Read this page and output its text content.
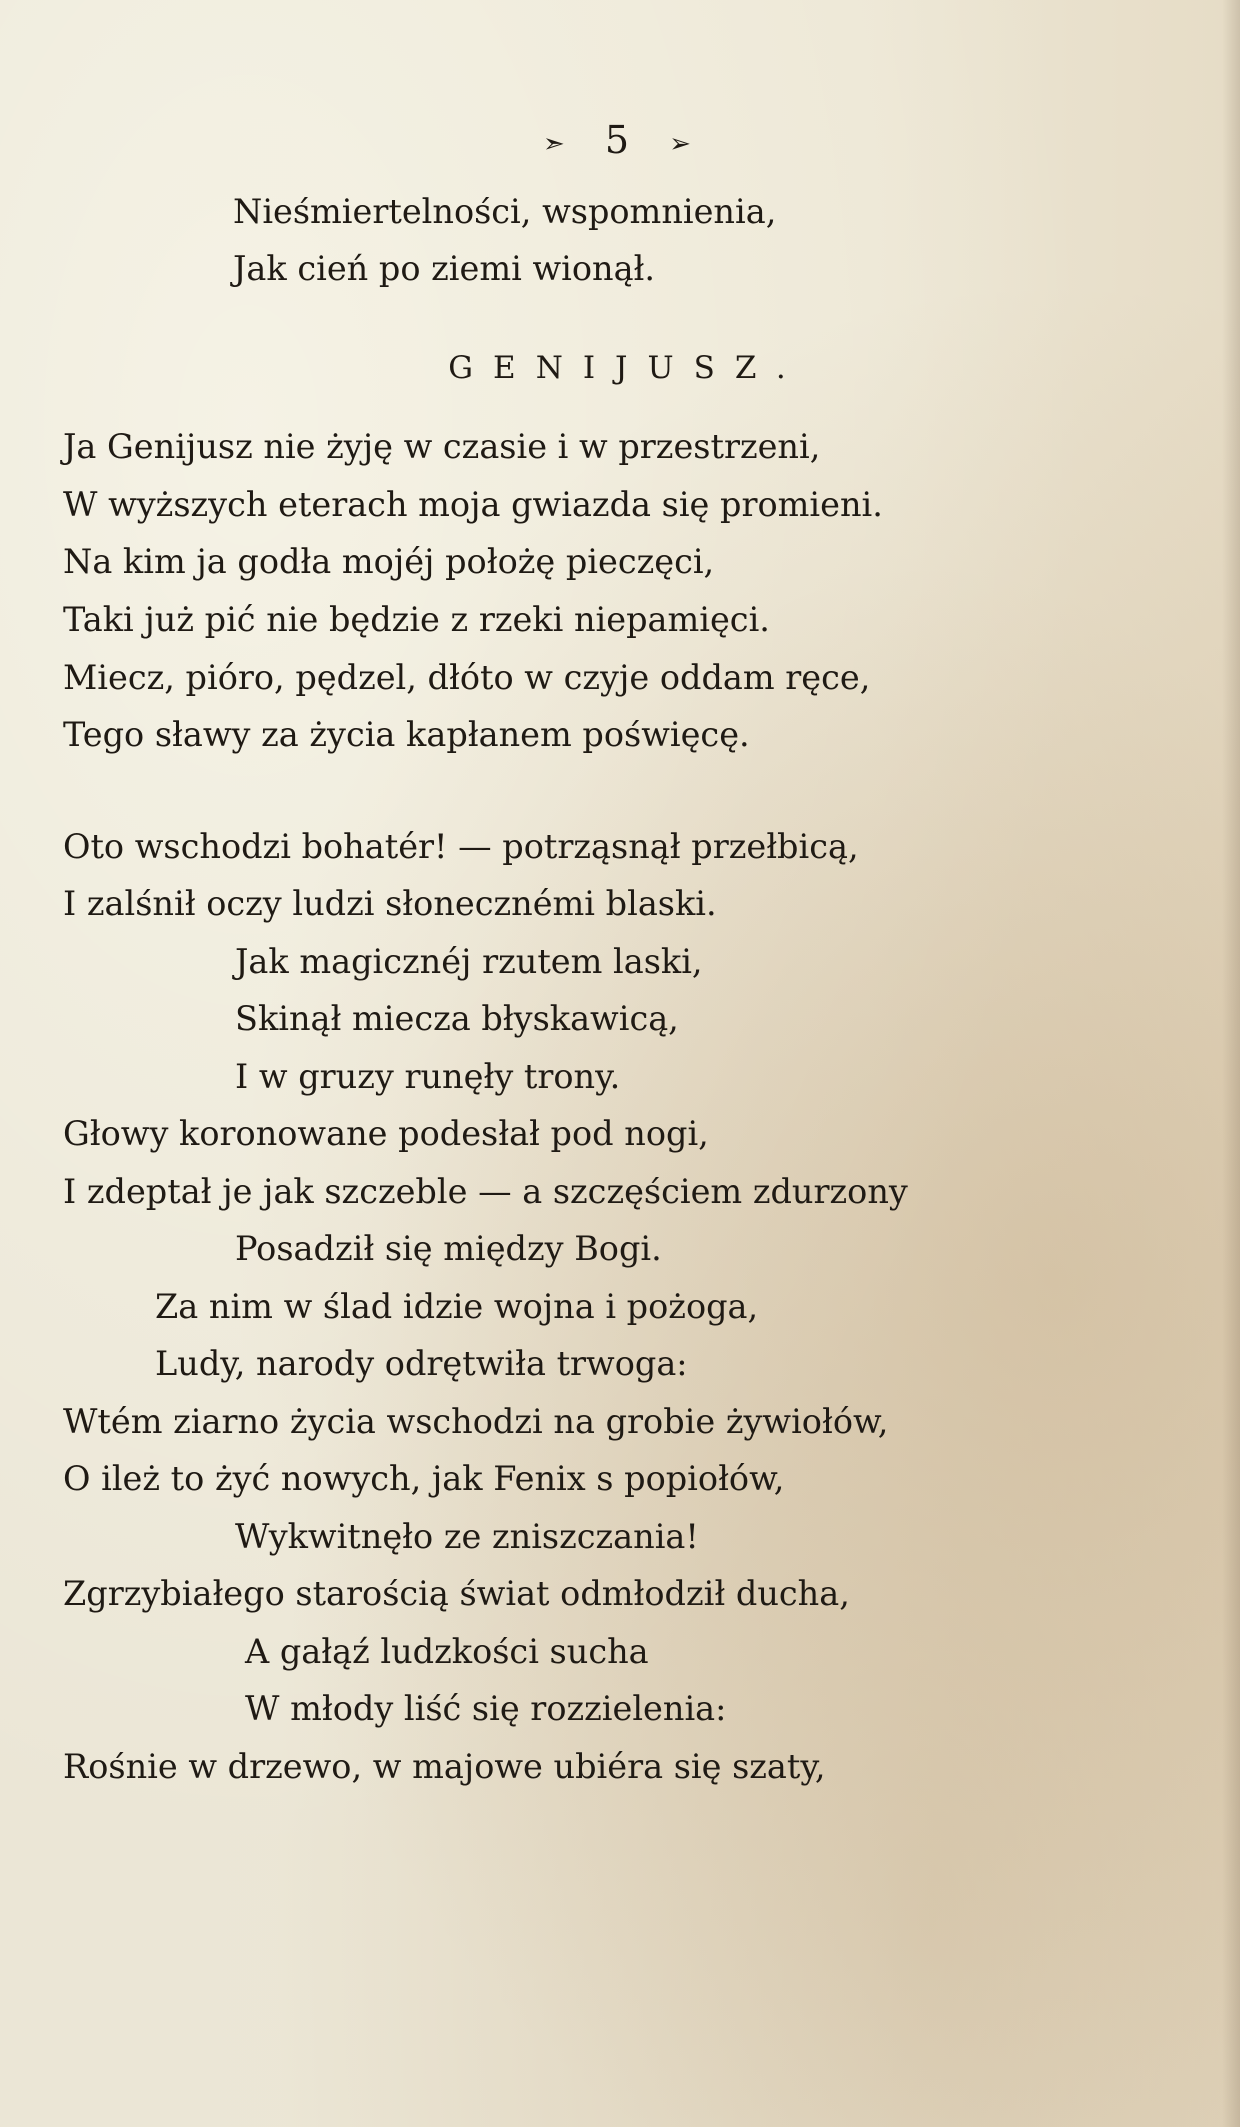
➣ 5 ➢
Nieśmiertelności, wspomnienia,
Jak cień po ziemi wionął.
GENIJUSZ.
Ja Genijusz nie żyję w czasie i w przestrzeni,
W wyższych eterach moja gwiazda się promieni.
Na kim ja godła mojéj położę pieczęci,
Taki już pić nie będzie z rzeki niepamięci.
Miecz, pióro, pędzel, dłóto w czyje oddam ręce,
Tego sławy za życia kapłanem poświęcę.
Oto wschodzi bohatér! — potrząsnął przełbicą,
I zalśnił oczy ludzi słonecznémi blaski.
Jak magicznéj rzutem laski,
Skinął miecza błyskawicą,
I w gruzy runęły trony.
Głowy koronowane podesłał pod nogi,
I zdeptał je jak szczeble — a szczęściem zdurzony
Posadził się między Bogi.
Za nim w ślad idzie wojna i pożoga,
Ludy, narody odrętwiła trwoga:
Wtém ziarno życia wschodzi na grobie żywiołów,
O ileż to żyć nowych, jak Fenix s popiołów,
Wykwitnęło ze zniszczania!
Zgrzybiałego starością świat odmłodził ducha,
A gałąź ludzkości sucha
W młody liść się rozzielenia:
Rośnie w drzewo, w majowe ubiéra się szaty,
